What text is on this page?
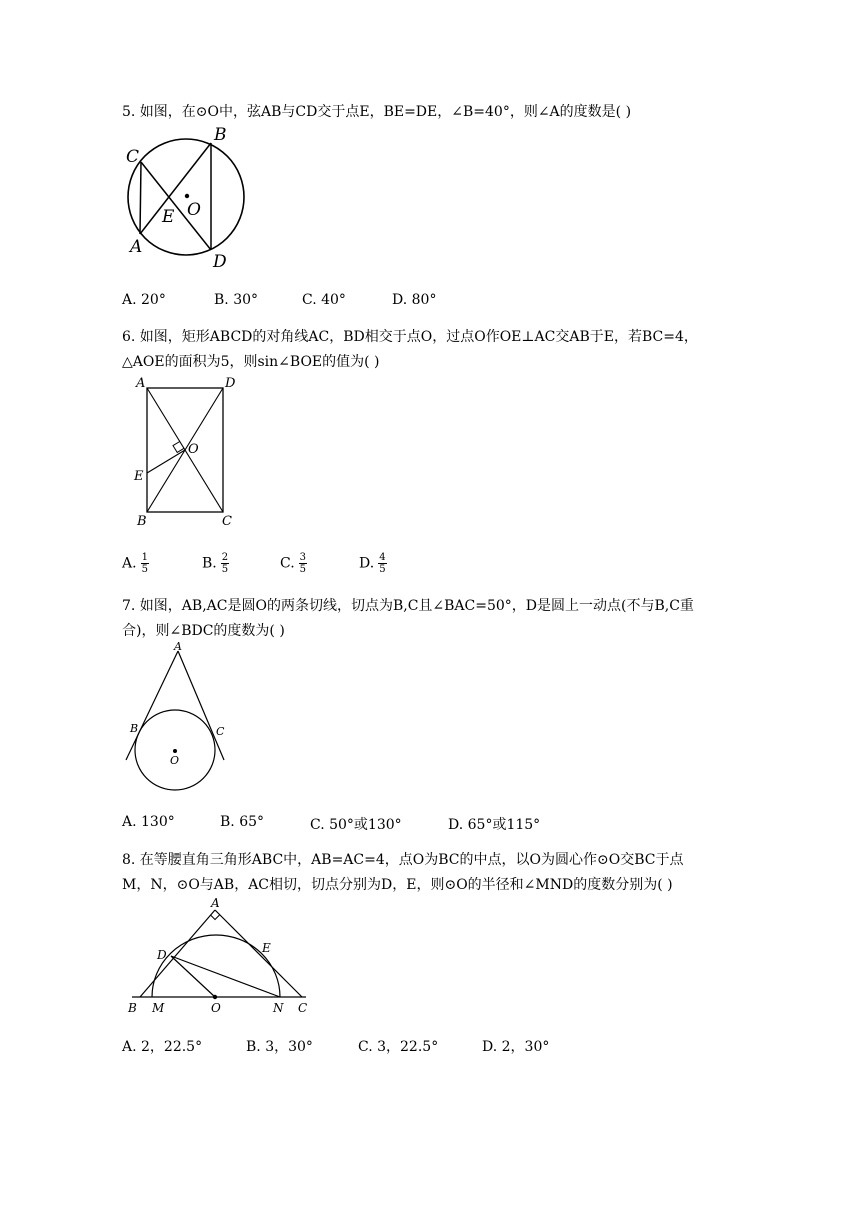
5. 如图，在⊙O中，弦AB与CD交于点E，BE=DE，∠B=40°，则∠A的度数是( )
C
B
A
D
E O
A. 20°	B. 30°	C. 40°	D. 80°
6. 如图，矩形ABCD的对角线AC，BD相交于点O，过点O作OE⊥AC交AB于E，若BC=4，
△AOE的面积为5，则sin∠BOE的值为( )
A	D
O
E
B	C
A. $\frac{1}{5}$	B. $\frac{2}{5}$	C. $\frac{3}{5}$	D. $\frac{4}{5}$
7. 如图，AB,AC是圆O的两条切线，切点为B,C且∠BAC=50°，D是圆上一动点(不与B,C重
合)，则∠BDC的度数为( )
A
B	C
O
A. 130°	B. 65°	C. 50°或130°	D. 65°或115°
8. 在等腰直角三角形ABC中，AB=AC=4，点O为BC的中点，以O为圆心作⊙O交BC于点
M，N，⊙O与AB，AC相切，切点分别为D，E，则⊙O的半径和∠MND的度数分别为( )
A
D	E
B M	O	N C
A. 2，22.5°	B. 3，30°	C. 3，22.5°	D. 2，30°
